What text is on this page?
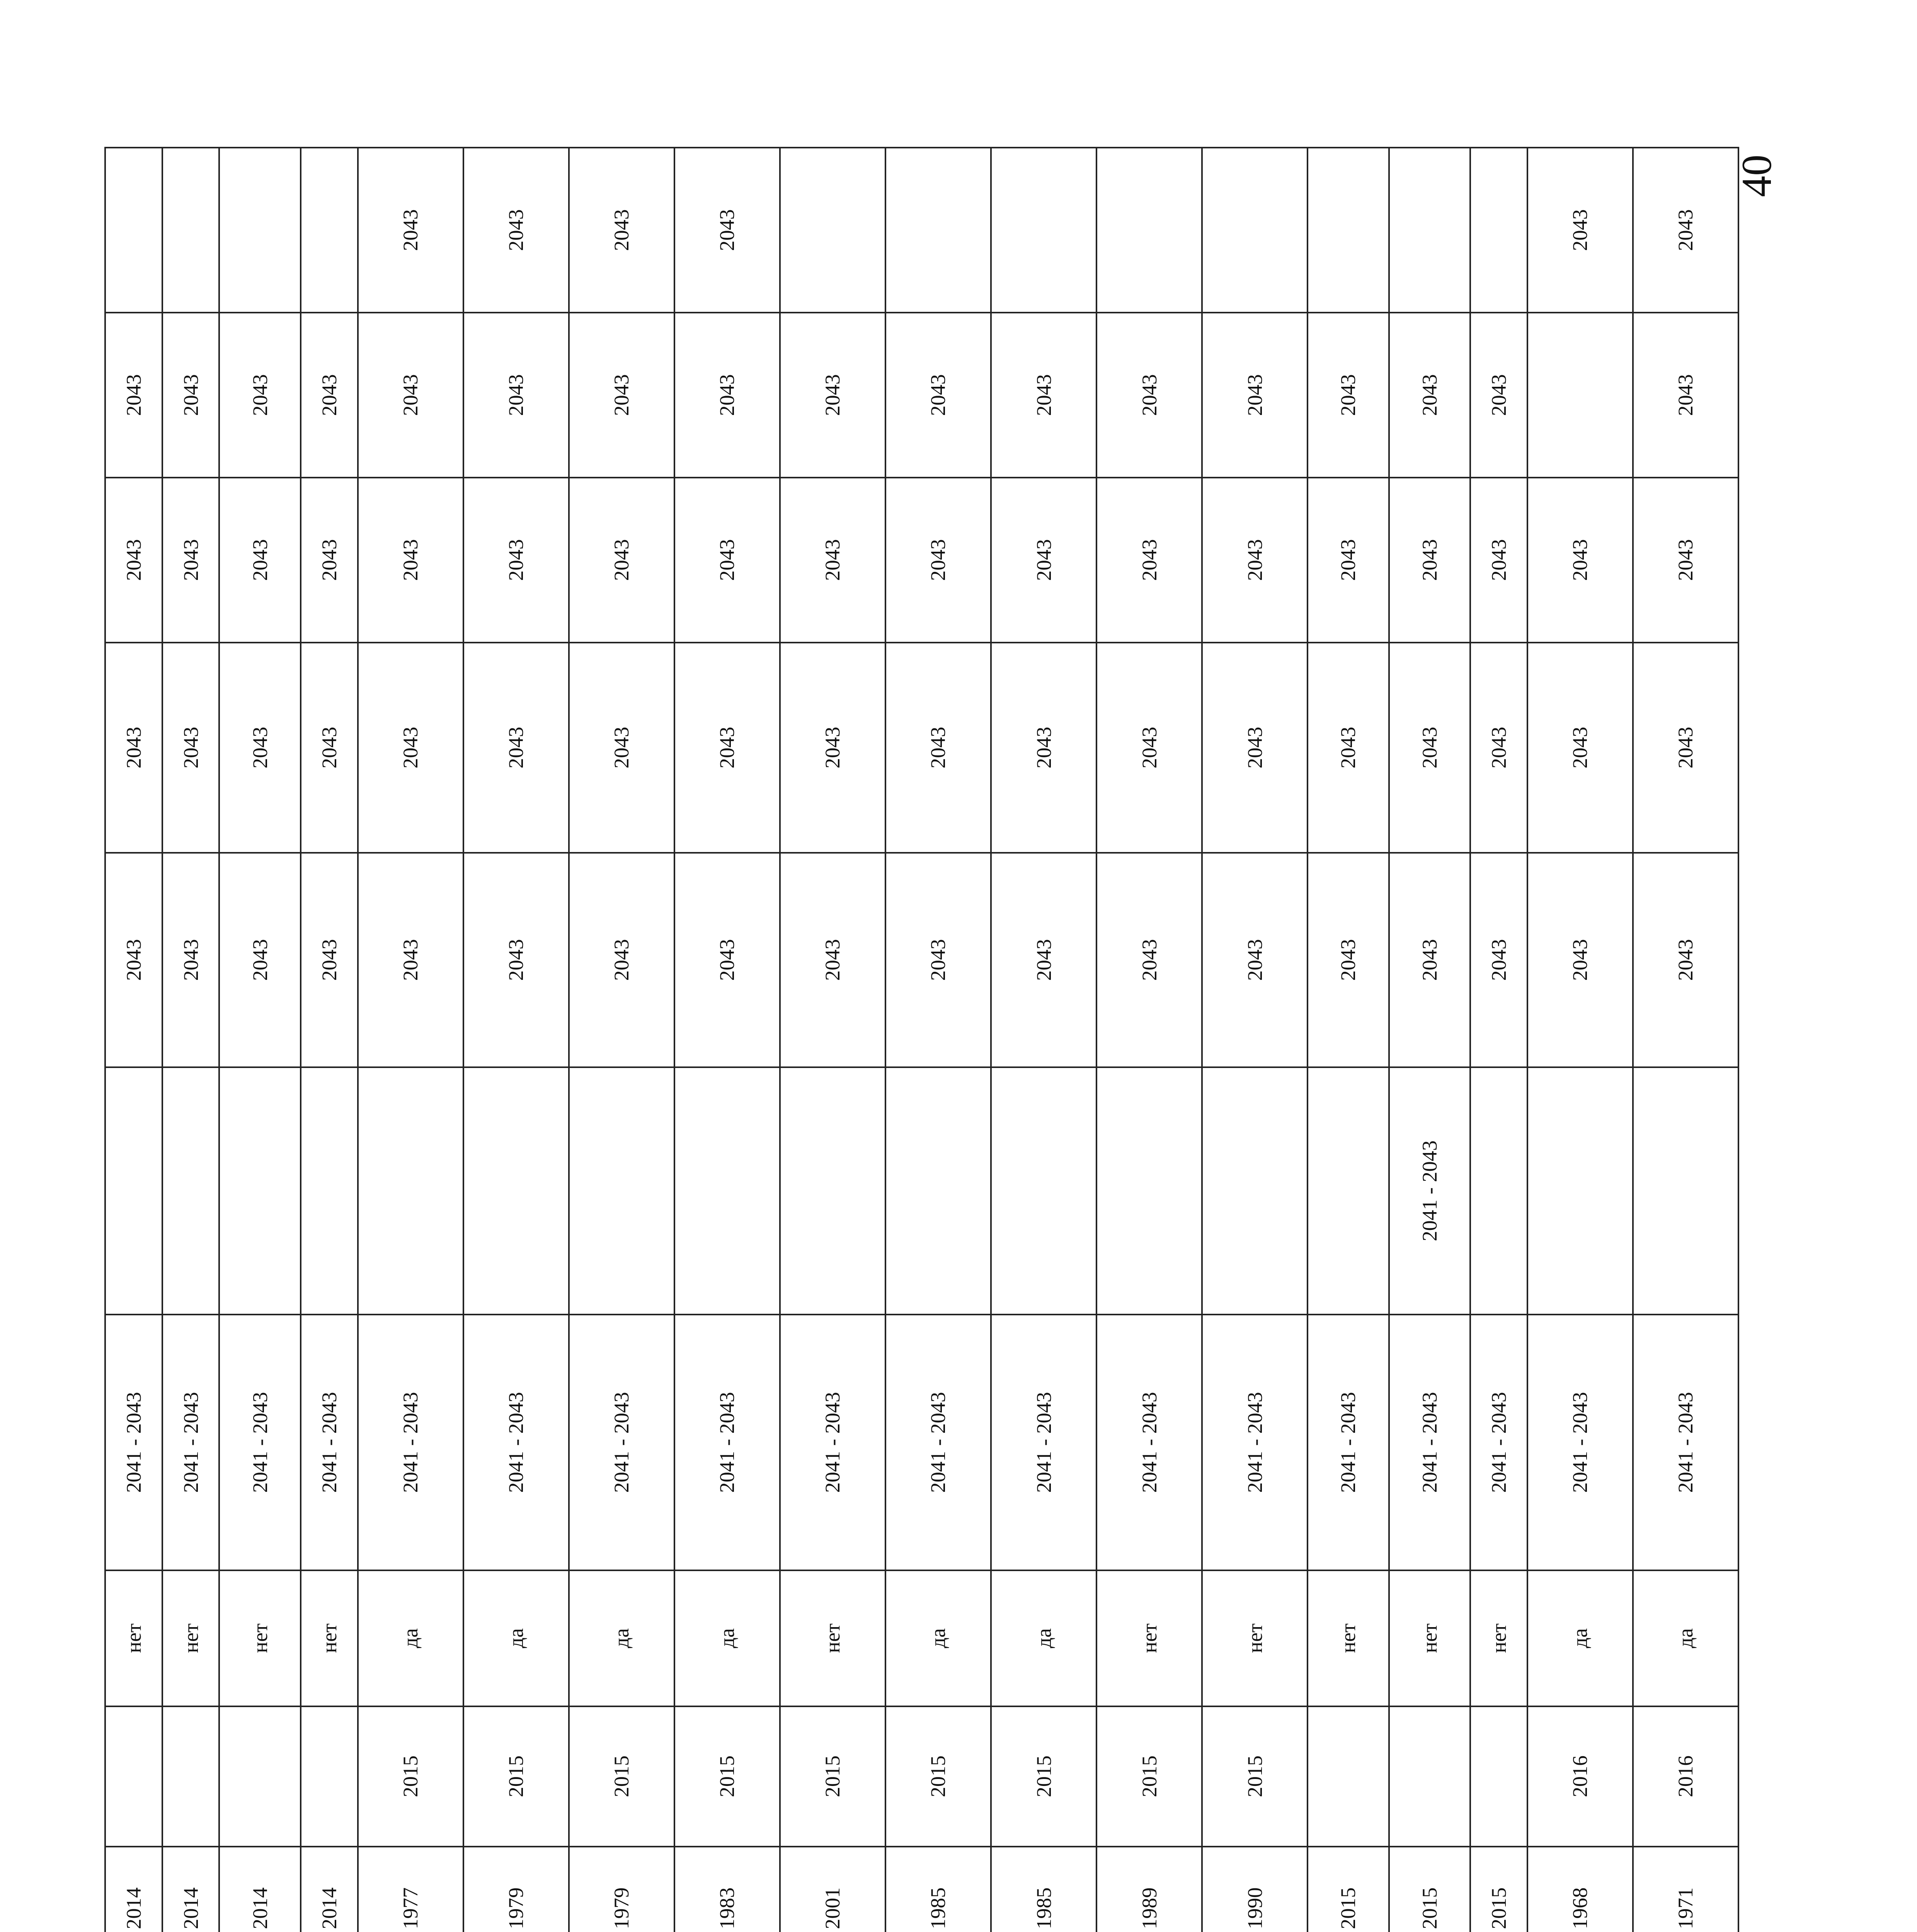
40
				2014		нет	2041 - 2043		2043	2043	2043	2043	
				2014		нет	2041 - 2043		2043	2043	2043	2043	
				2014		нет	2041 - 2043		2043	2043	2043	2043	
				2014		нет	2041 - 2043		2043	2043	2043	2043	
				1977	2015	да	2041 - 2043		2043	2043	2043	2043	2043
				1979	2015	да	2041 - 2043		2043	2043	2043	2043	2043
				1979	2015	да	2041 - 2043		2043	2043	2043	2043	2043
				1983	2015	да	2041 - 2043		2043	2043	2043	2043	2043
				2001	2015	нет	2041 - 2043		2043	2043	2043	2043	
				1985	2015	да	2041 - 2043		2043	2043	2043	2043	
				1985	2015	да	2041 - 2043		2043	2043	2043	2043	
				1989	2015	нет	2041 - 2043		2043	2043	2043	2043	
				1990	2015	нет	2041 - 2043		2043	2043	2043	2043	
				2015		нет	2041 - 2043		2043	2043	2043	2043	
				2015		нет	2041 - 2043	2041 - 2043	2043	2043	2043	2043	
				2015		нет	2041 - 2043		2043	2043	2043	2043	
				1968	2016	да	2041 - 2043		2043	2043	2043		2043
				1971	2016	да	2041 - 2043		2043	2043	2043	2043	2043
